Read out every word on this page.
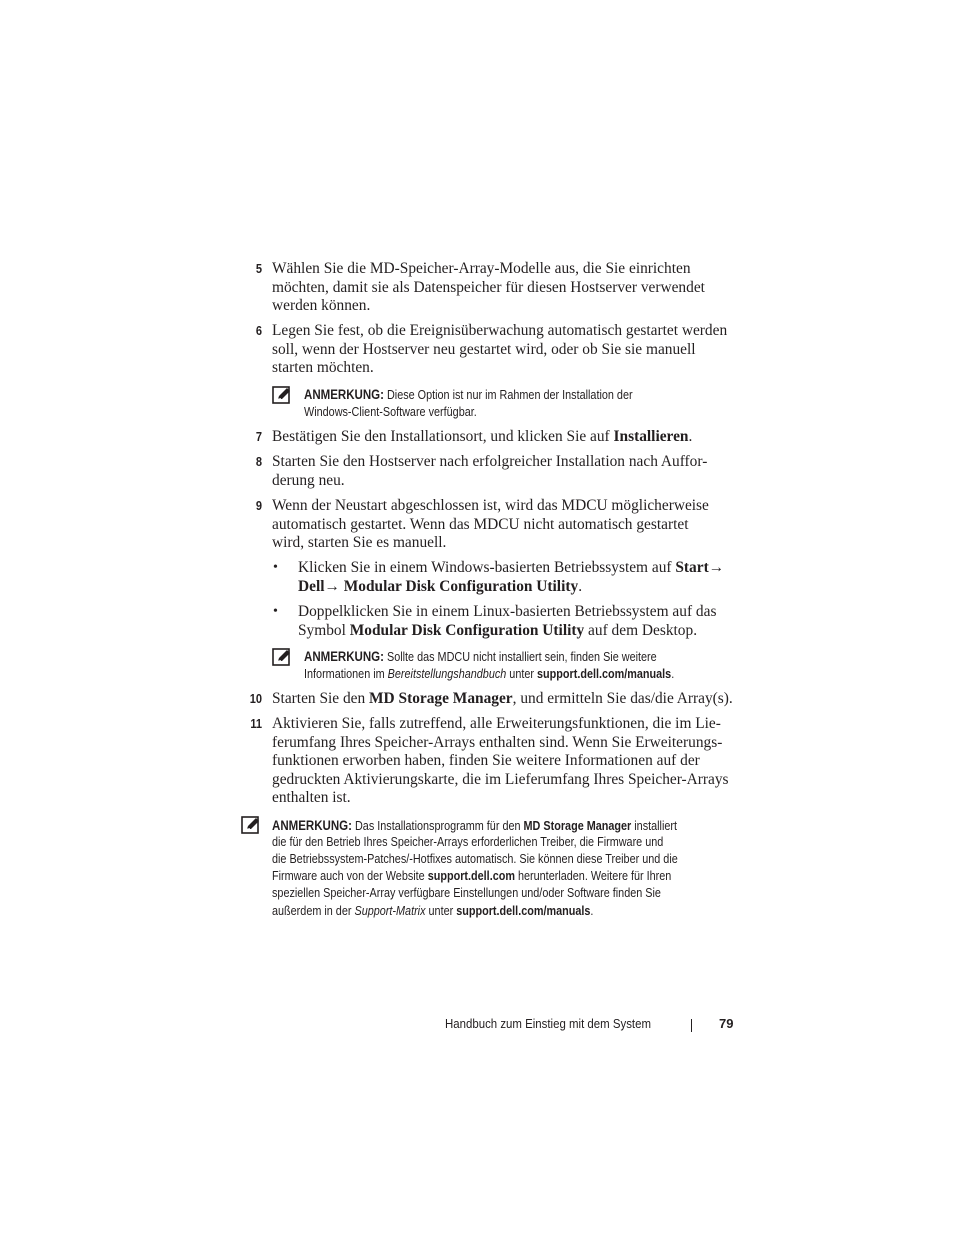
5 Wählen Sie die MD-Speicher-Array-Modelle aus, die Sie einrichten
möchten, damit sie als Datenspeicher für diesen Hostserver verwendet
werden können.
6 Legen Sie fest, ob die Ereignisüberwachung automatisch gestartet werden
soll, wenn der Hostserver neu gestartet wird, oder ob Sie sie manuell
starten möchten.
ANMERKUNG: Diese Option ist nur im Rahmen der Installation der
Windows-Client-Software verfügbar.
7 Bestätigen Sie den Installationsort, und klicken Sie auf Installieren.
8 Starten Sie den Hostserver nach erfolgreicher Installation nach Auffor-
derung neu.
9 Wenn der Neustart abgeschlossen ist, wird das MDCU möglicherweise
automatisch gestartet. Wenn das MDCU nicht automatisch gestartet
wird, starten Sie es manuell.
• Klicken Sie in einem Windows-basierten Betriebssystem auf Start→
Dell→ Modular Disk Configuration Utility.
• Doppelklicken Sie in einem Linux-basierten Betriebssystem auf das
Symbol Modular Disk Configuration Utility auf dem Desktop.
ANMERKUNG: Sollte das MDCU nicht installiert sein, finden Sie weitere
Informationen im Bereitstellungshandbuch unter support.dell.com/manuals.
10 Starten Sie den MD Storage Manager, und ermitteln Sie das/die Array(s).
11 Aktivieren Sie, falls zutreffend, alle Erweiterungsfunktionen, die im Lie-
ferumfang Ihres Speicher-Arrays enthalten sind. Wenn Sie Erweiterungs-
funktionen erworben haben, finden Sie weitere Informationen auf der
gedruckten Aktivierungskarte, die im Lieferumfang Ihres Speicher-Arrays
enthalten ist.
ANMERKUNG: Das Installationsprogramm für den MD Storage Manager installiert
die für den Betrieb Ihres Speicher-Arrays erforderlichen Treiber, die Firmware und
die Betriebssystem-Patches/-Hotfixes automatisch. Sie können diese Treiber und die
Firmware auch von der Website support.dell.com herunterladen. Weitere für Ihren
speziellen Speicher-Array verfügbare Einstellungen und/oder Software finden Sie
außerdem in der Support-Matrix unter support.dell.com/manuals.
Handbuch zum Einstieg mit dem System	79
